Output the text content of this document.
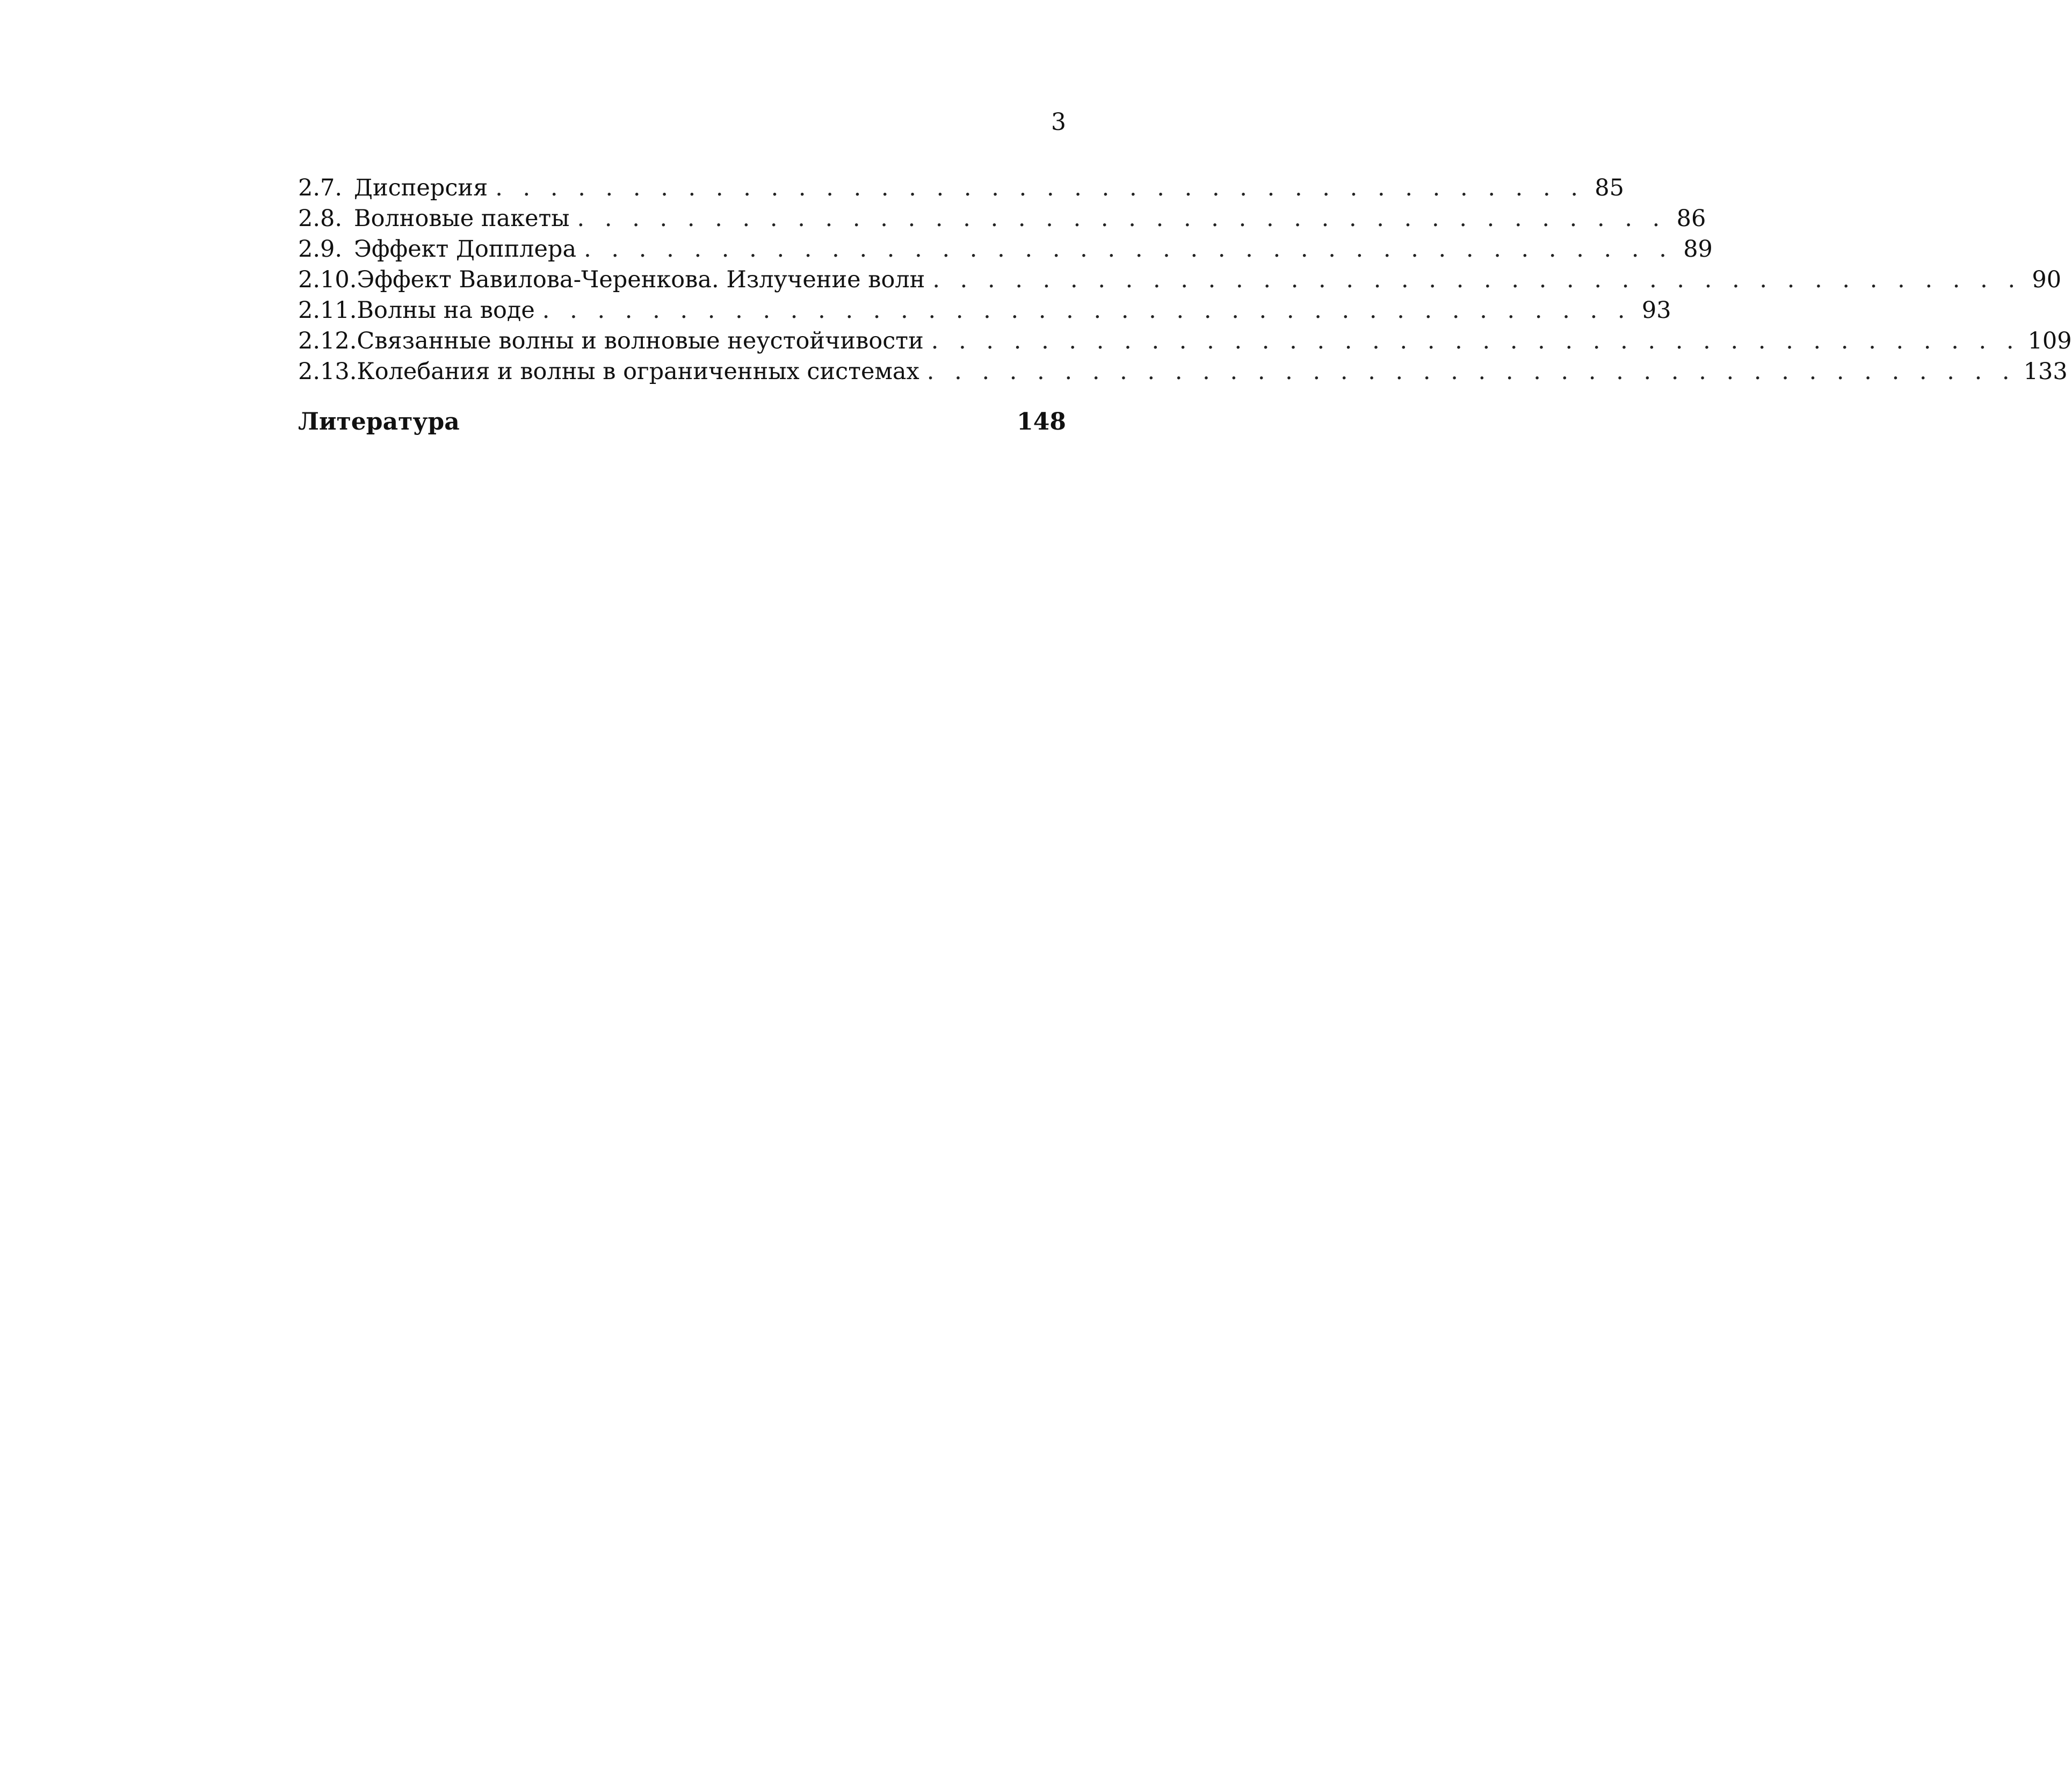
3
2.7. Дисперсия . . . . . . . . . . . . . . . . . . . . . . . . . . . . . . . . . . . . . . . . 85
2.8. Волновые пакеты . . . . . . . . . . . . . . . . . . . . . . . . . . . . . . . . . . . . . . . . 86
2.9. Эффект Допплера . . . . . . . . . . . . . . . . . . . . . . . . . . . . . . . . . . . . . . . . 89
2.10. Эффект Вавилова-Черенкова. Излучение волн . . . . . . . . . . . . . . . . . . . . . . . . . . . . . . . . . . . . . . . . 90
2.11. Волны на воде . . . . . . . . . . . . . . . . . . . . . . . . . . . . . . . . . . . . . . . . 93
2.12. Связанные волны и волновые неустойчивости . . . . . . . . . . . . . . . . . . . . . . . . . . . . . . . . . . . . . . . . 109
2.13. Колебания и волны в ограниченных системах . . . . . . . . . . . . . . . . . . . . . . . . . . . . . . . . . . . . . . . . 133
Литература	148
